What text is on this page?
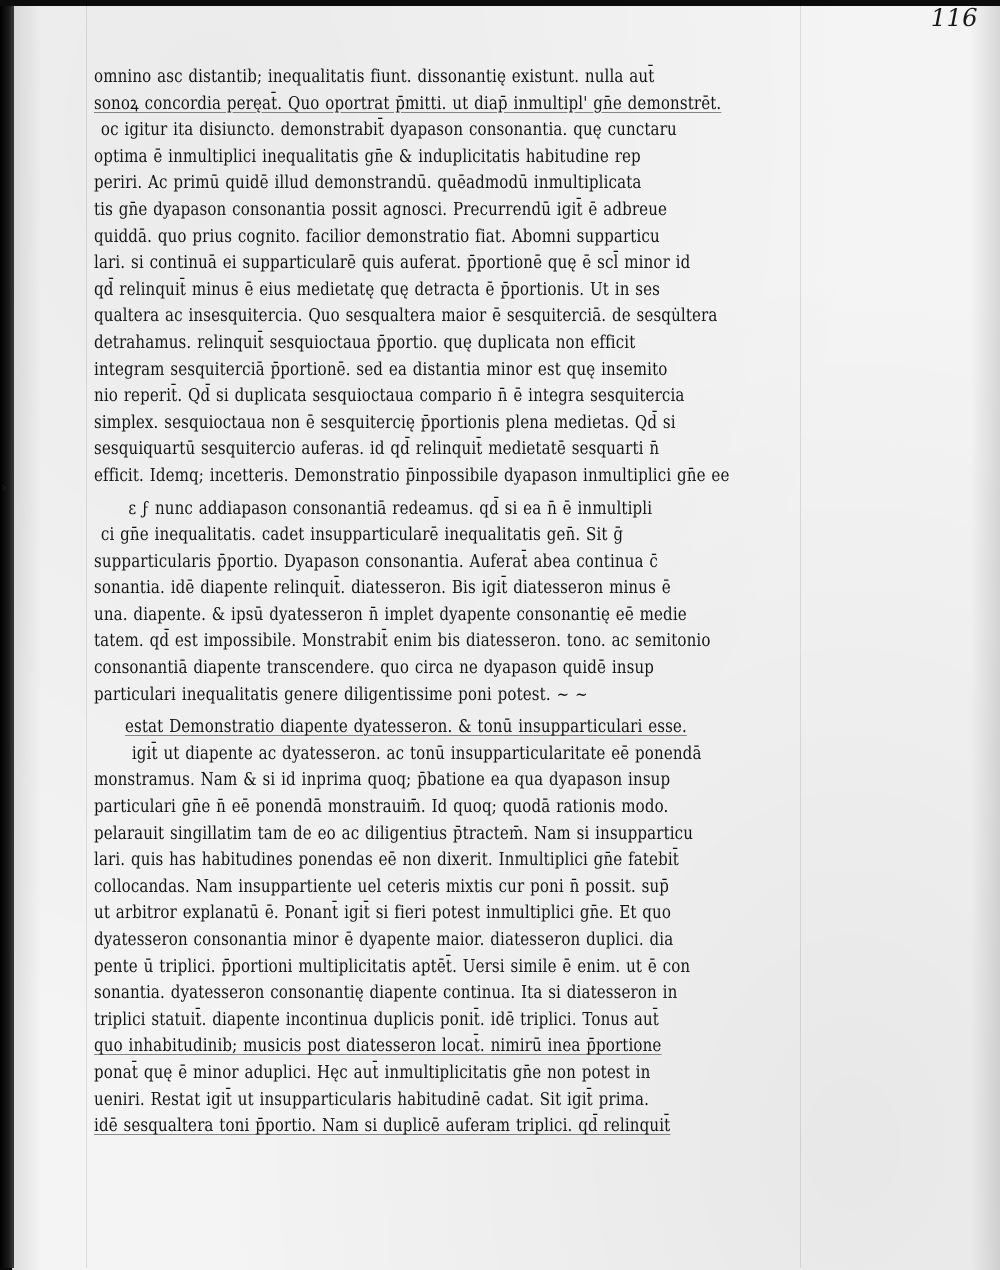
116
›
omnino asc distantib; inequalitatis fiunt. dissonantię existunt. nulla aut̄
sonoꝝ concordia peręat̄. Quo oportrat p̄mitti. ut diap̄ inmultipl' gn̄e demonstrēt.
oc igitur ita disiuncto. demonstrabit̄ dyapason consonantia. quę cunctaru
optima ē inmultiplici inequalitatis gn̄e & induplicitatis habitudine rep
periri. Ac primū quidē illud demonstrandū. quēadmodū inmultiplicata
tis gn̄e dyapason consonantia possit agnosci. Precurrendū igit̄ ē adbreue
quiddā. quo prius cognito. facilior demonstratio fiat. Abomni supparticu
lari. si continuā ei supparticularē quis auferat. p̄portionē quę ē scl̄ minor id
qd̄ relinquit̄ minus ē eius medietatę quę detracta ē p̄portionis. Ut in ses
qualtera ac insesquitercia. Quo sesqualtera maior ē sesquiterciā. de sesqu̇ltera
detrahamus. relinquit̄ sesquioctaua p̄portio. quę duplicata non efficit
integram sesquiterciā p̄portionē. sed ea distantia minor est quę insemito
nio reperit̄. Qd̄ si duplicata sesquioctaua compario n̄ ē integra sesquitercia
simplex. sesquioctaua non ē sesquitercię p̄portionis plena medietas. Qd̄ si
sesquiquartū sesquitercio auferas. id qd̄ relinquit̄ medietatē sesquarti n̄
efficit. Idemq; incetteris. Demonstratio p̄inpossibile dyapason inmultiplici gn̄e ee
ε ϝ nunc addiapason consonantiā redeamus. qd̄ si ea n̄ ē inmultipli
ci gn̄e inequalitatis. cadet insupparticularē inequalitatis gen̄. Sit ḡ
supparticularis p̄portio. Dyapason consonantia. Auferat̄ abea continua c̄
sonantia. idē diapente relinquit̄. diatesseron. Bis igit̄ diatesseron minus ē
una. diapente. & ipsū dyatesseron n̄ implet dyapente consonantię eē medie
tatem. qd̄ est impossibile. Monstrabit̄ enim bis diatesseron. tono. ac semitonio
consonantiā diapente transcendere. quo circa ne dyapason quidē insup
particulari inequalitatis genere diligentissime poni potest. ~ ~
estat Demonstratio diapente dyatesseron. & tonū insupparticulari esse.
igit̄ ut diapente ac dyatesseron. ac tonū insupparticularitate eē ponendā
monstramus. Nam & si id inprima quoq; p̄batione ea qua dyapason insup
particulari gn̄e n̄ eē ponendā monstrauim̄. Id quoq; quodā rationis modo.
pelarauit singillatim tam de eo ac diligentius p̄tractem̄. Nam si insupparticu
lari. quis has habitudines ponendas eē non dixerit. Inmultiplici gn̄e fatebit̄
collocandas. Nam insuppartiente uel ceteris mixtis cur poni n̄ possit. sup̄
ut arbitror explanatū ē. Ponant̄ igit̄ si fieri potest inmultiplici gn̄e. Et quo
dyatesseron consonantia minor ē dyapente maior. diatesseron duplici. dia
pente ū triplici. p̄portioni multiplicitatis aptēt̄. Uersi simile ē enim. ut ē con
sonantia. dyatesseron consonantię diapente continua. Ita si diatesseron in
triplici statuit̄. diapente incontinua duplicis ponit̄. idē triplici. Tonus aut̄
quo inhabitudinib; musicis post diatesseron locat̄. nimirū inea p̄portione
ponat̄ quę ē minor aduplici. Hęc aut̄ inmultiplicitatis gn̄e non potest in
ueniri. Restat igit̄ ut insupparticularis habitudinē cadat. Sit igit̄ prima.
idē sesqualtera toni p̄portio. Nam si duplicē auferam triplici. qd̄ relinquit̄
